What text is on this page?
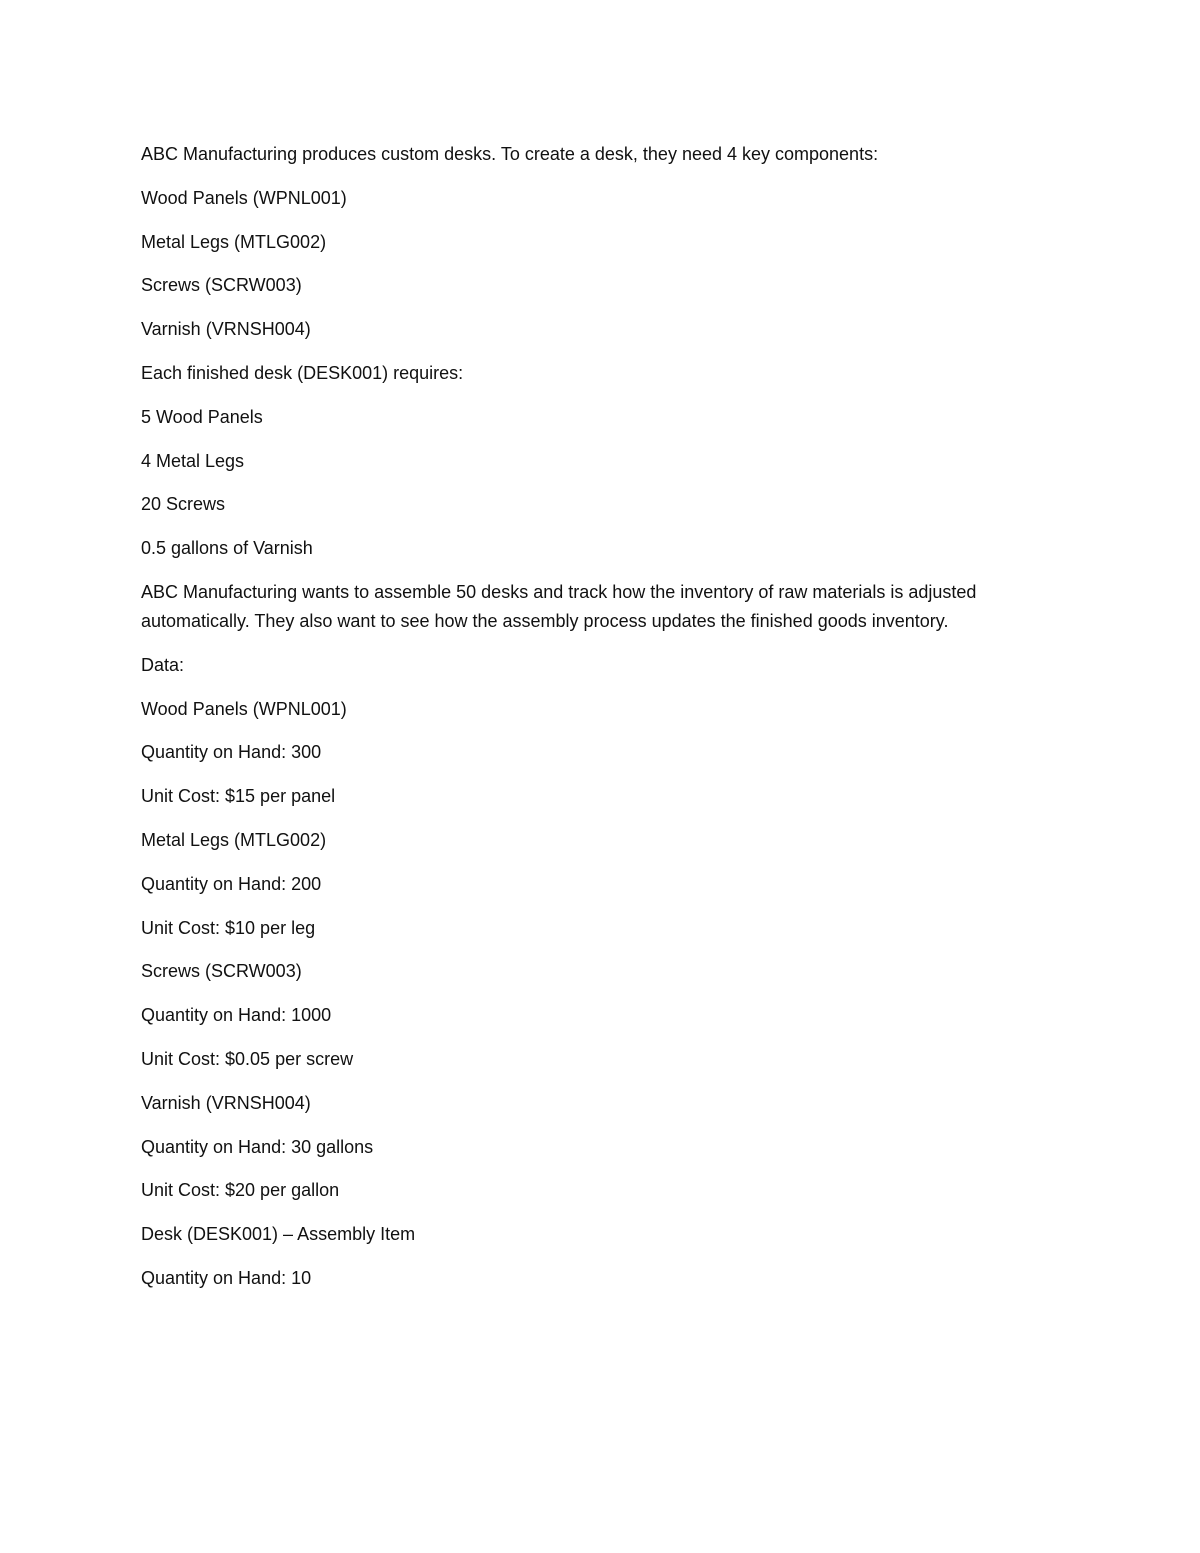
ABC Manufacturing produces custom desks. To create a desk, they need 4 key components:

Wood Panels (WPNL001)

Metal Legs (MTLG002)

Screws (SCRW003)

Varnish (VRNSH004)

Each finished desk (DESK001) requires:

5 Wood Panels

4 Metal Legs

20 Screws

0.5 gallons of Varnish

ABC Manufacturing wants to assemble 50 desks and track how the inventory of raw materials is adjusted automatically. They also want to see how the assembly process updates the finished goods inventory.

Data:

Wood Panels (WPNL001)

Quantity on Hand: 300

Unit Cost: $15 per panel

Metal Legs (MTLG002)

Quantity on Hand: 200

Unit Cost: $10 per leg

Screws (SCRW003)

Quantity on Hand: 1000

Unit Cost: $0.05 per screw

Varnish (VRNSH004)

Quantity on Hand: 30 gallons

Unit Cost: $20 per gallon

Desk (DESK001) – Assembly Item

Quantity on Hand: 10
